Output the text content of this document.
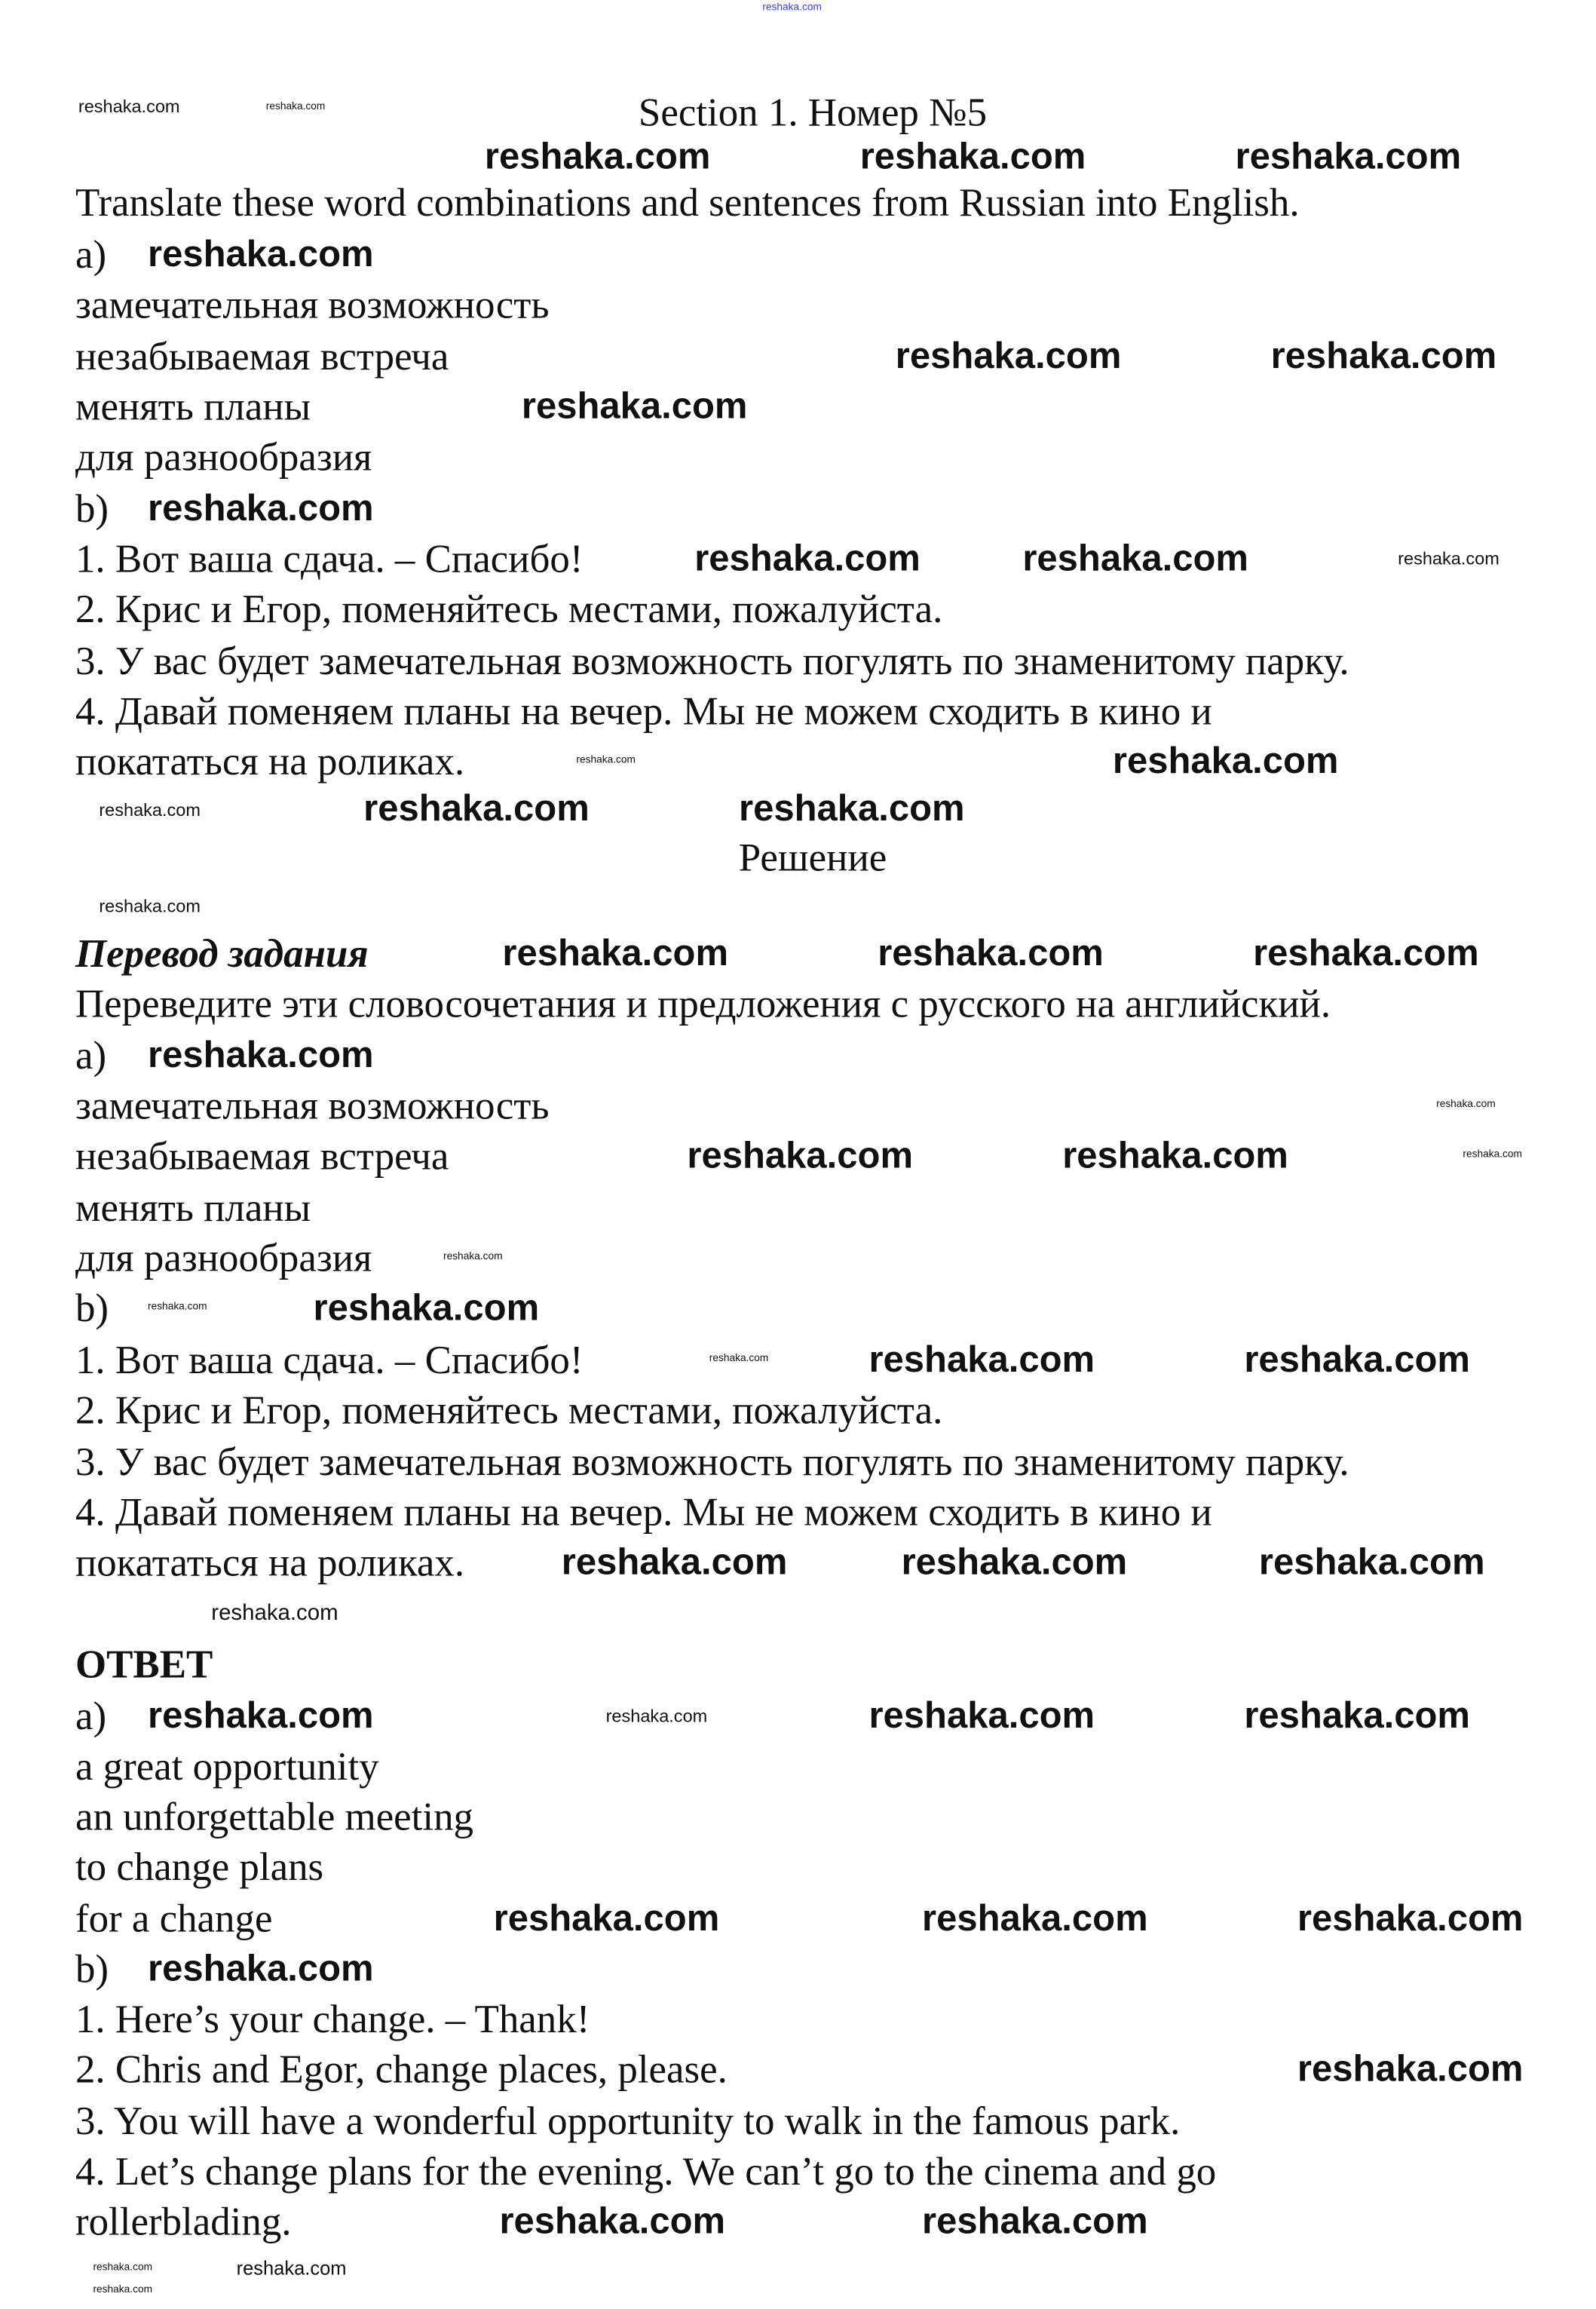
Section 1. Номер №5
Translate these word combinations and sentences from Russian into English.
a)
замечательная возможность
незабываемая встреча
менять планы
для разнообразия
b)
1. Вот ваша сдача. – Спасибо!
2. Крис и Егор, поменяйтесь местами, пожалуйста.
3. У вас будет замечательная возможность погулять по знаменитому парку.
4. Давай поменяем планы на вечер. Мы не можем сходить в кино и
покататься на роликах.
Решение
Перевод задания
Переведите эти словосочетания и предложения с русского на английский.
a)
замечательная возможность
незабываемая встреча
менять планы
для разнообразия
b)
1. Вот ваша сдача. – Спасибо!
2. Крис и Егор, поменяйтесь местами, пожалуйста.
3. У вас будет замечательная возможность погулять по знаменитому парку.
4. Давай поменяем планы на вечер. Мы не можем сходить в кино и
покататься на роликах.
ОТВЕТ
a)
a great opportunity
an unforgettable meeting
to change plans
for a change
b)
1. Here’s your change. – Thank!
2. Chris and Egor, change places, please.
3. You will have a wonderful opportunity to walk in the famous park.
4. Let’s change plans for the evening. We can’t go to the cinema and go
rollerblading.
reshaka.com
reshaka.com	reshaka.com
reshaka.com	reshaka.com	reshaka.com
reshaka.com
reshaka.com	reshaka.com
reshaka.com
reshaka.com
reshaka.com	reshaka.com	reshaka.com
reshaka.com	reshaka.com
reshaka.com	reshaka.com
reshaka.com
reshaka.com
reshaka.com
reshaka.com	reshaka.com
reshaka.com
reshaka.com
reshaka.com
reshaka.com	reshaka.com
reshaka.com
reshaka.com
reshaka.com
reshaka.com
reshaka.com	reshaka.com
reshaka.com
reshaka.com	reshaka.com	reshaka.com
reshaka.com	reshaka.com	reshaka.com	reshaka.com
reshaka.com	reshaka.com	reshaka.com
reshaka.com
reshaka.com
reshaka.com	reshaka.com
reshaka.com
reshaka.com	reshaka.com
